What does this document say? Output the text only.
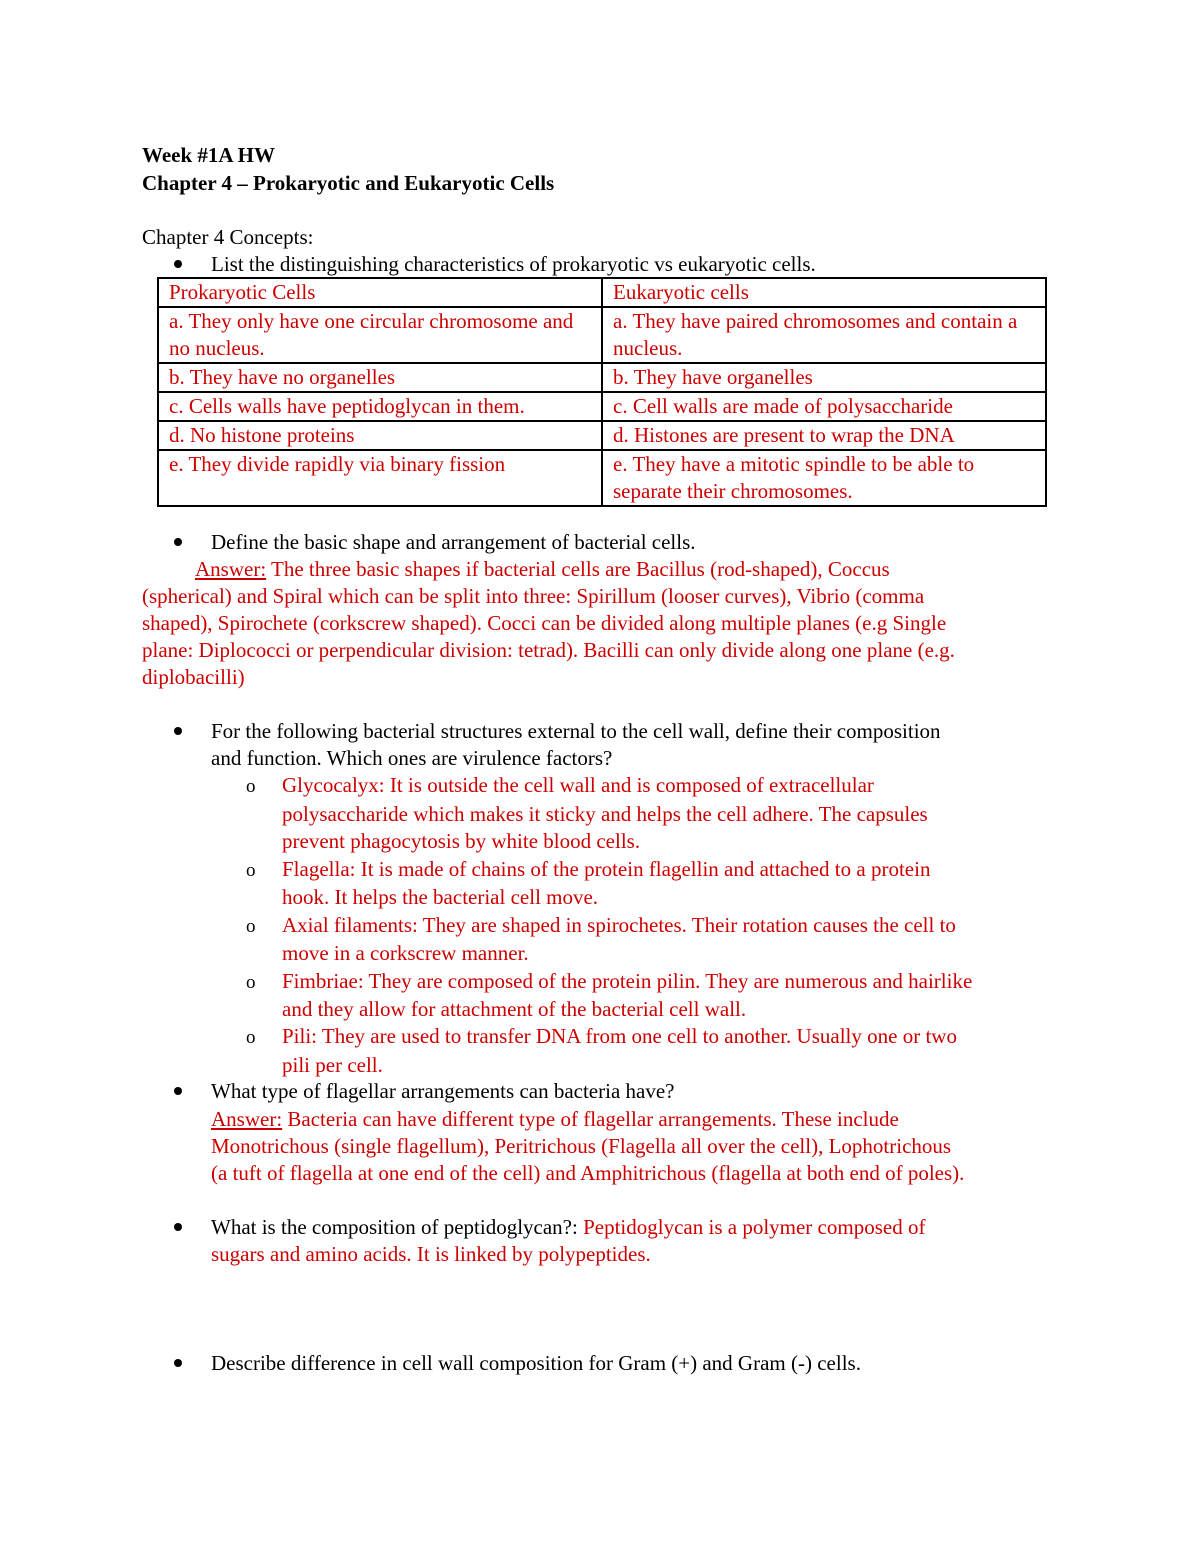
Week #1A HW
Chapter 4 – Prokaryotic and Eukaryotic Cells
Chapter 4 Concepts:
List the distinguishing characteristics of prokaryotic vs eukaryotic cells.
Prokaryotic Cells	Eukaryotic cells
a. They only have one circular chromosome and no nucleus.	a. They have paired chromosomes and contain a nucleus.
b. They have no organelles	b. They have organelles
c. Cells walls have peptidoglycan in them.	c. Cell walls are made of polysaccharide
d. No histone proteins	d. Histones are present to wrap the DNA
e. They divide rapidly via binary fission	e. They have a mitotic spindle to be able to separate their chromosomes.
Define the basic shape and arrangement of bacterial cells.
Answer: The three basic shapes if bacterial cells are Bacillus (rod-shaped), Coccus
(spherical) and Spiral which can be split into three: Spirillum (looser curves), Vibrio (comma
shaped), Spirochete (corkscrew shaped). Cocci can be divided along multiple planes (e.g Single
plane: Diplococci or perpendicular division: tetrad). Bacilli can only divide along one plane (e.g.
diplobacilli)
For the following bacterial structures external to the cell wall, define their composition
and function. Which ones are virulence factors?
o Glycocalyx: It is outside the cell wall and is composed of extracellular
polysaccharide which makes it sticky and helps the cell adhere. The capsules
prevent phagocytosis by white blood cells.
o Flagella: It is made of chains of the protein flagellin and attached to a protein
hook. It helps the bacterial cell move.
o Axial filaments: They are shaped in spirochetes. Their rotation causes the cell to
move in a corkscrew manner.
o Fimbriae: They are composed of the protein pilin. They are numerous and hairlike
and they allow for attachment of the bacterial cell wall.
o Pili: They are used to transfer DNA from one cell to another. Usually one or two
pili per cell.
What type of flagellar arrangements can bacteria have?
Answer: Bacteria can have different type of flagellar arrangements. These include
Monotrichous (single flagellum), Peritrichous (Flagella all over the cell), Lophotrichous
(a tuft of flagella at one end of the cell) and Amphitrichous (flagella at both end of poles).
What is the composition of peptidoglycan?: Peptidoglycan is a polymer composed of
sugars and amino acids. It is linked by polypeptides.
Describe difference in cell wall composition for Gram (+) and Gram (-) cells.
